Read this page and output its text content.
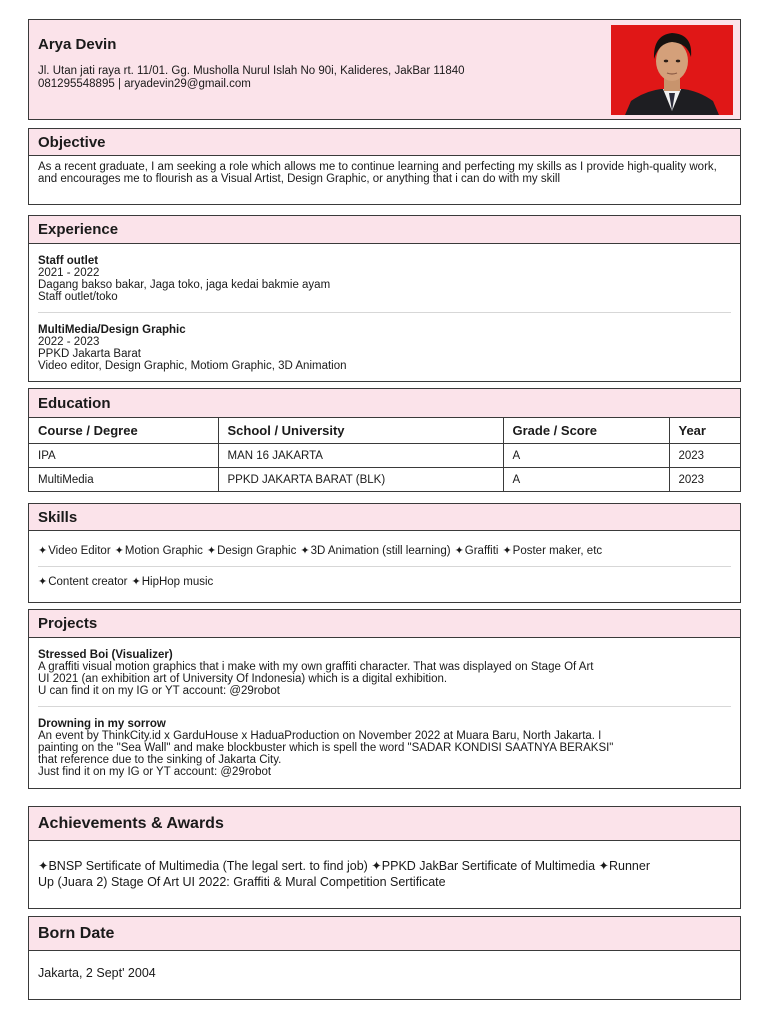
Arya Devin
Jl. Utan jati raya rt. 11/01. Gg. Musholla Nurul Islah No 90i, Kalideres, JakBar 11840
081295548895 | aryadevin29@gmail.com
Objective
As a recent graduate, I am seeking a role which allows me to continue learning and perfecting my skills as I provide high-quality work, and encourages me to flourish as a Visual Artist, Design Graphic, or anything that i can do with my skill
Experience
Staff outlet
2021 - 2022
Dagang bakso bakar, Jaga toko, jaga kedai bakmie ayam
Staff outlet/toko
MultiMedia/Design Graphic
2022 - 2023
PPKD Jakarta Barat
Video editor, Design Graphic, Motiom Graphic, 3D Animation
Education
Course / Degree	School / University	Grade / Score	Year
IPA	MAN 16 JAKARTA	A	2023
MultiMedia	PPKD JAKARTA BARAT (BLK)	A	2023
Skills
✦Video Editor ✦Motion Graphic ✦Design Graphic ✦3D Animation (still learning) ✦Graffiti ✦Poster maker, etc
✦Content creator ✦HipHop music
Projects
Stressed Boi (Visualizer)
A graffiti visual motion graphics that i make with my own graffiti character. That was displayed on Stage Of Art
UI 2021 (an exhibition art of University Of Indonesia) which is a digital exhibition.
U can find it on my IG or YT account: @29robot
Drowning in my sorrow
An event by ThinkCity.id x GarduHouse x HaduaProduction on November 2022 at Muara Baru, North Jakarta. I
painting on the "Sea Wall" and make blockbuster which is spell the word "SADAR KONDISI SAATNYA BERAKSI"
that reference due to the sinking of Jakarta City.
Just find it on my IG or YT account: @29robot
Achievements & Awards
✦BNSP Sertificate of Multimedia (The legal sert. to find job) ✦PPKD JakBar Sertificate of Multimedia ✦Runner
Up (Juara 2) Stage Of Art UI 2022: Graffiti & Mural Competition Sertificate
Born Date
Jakarta, 2 Sept' 2004
